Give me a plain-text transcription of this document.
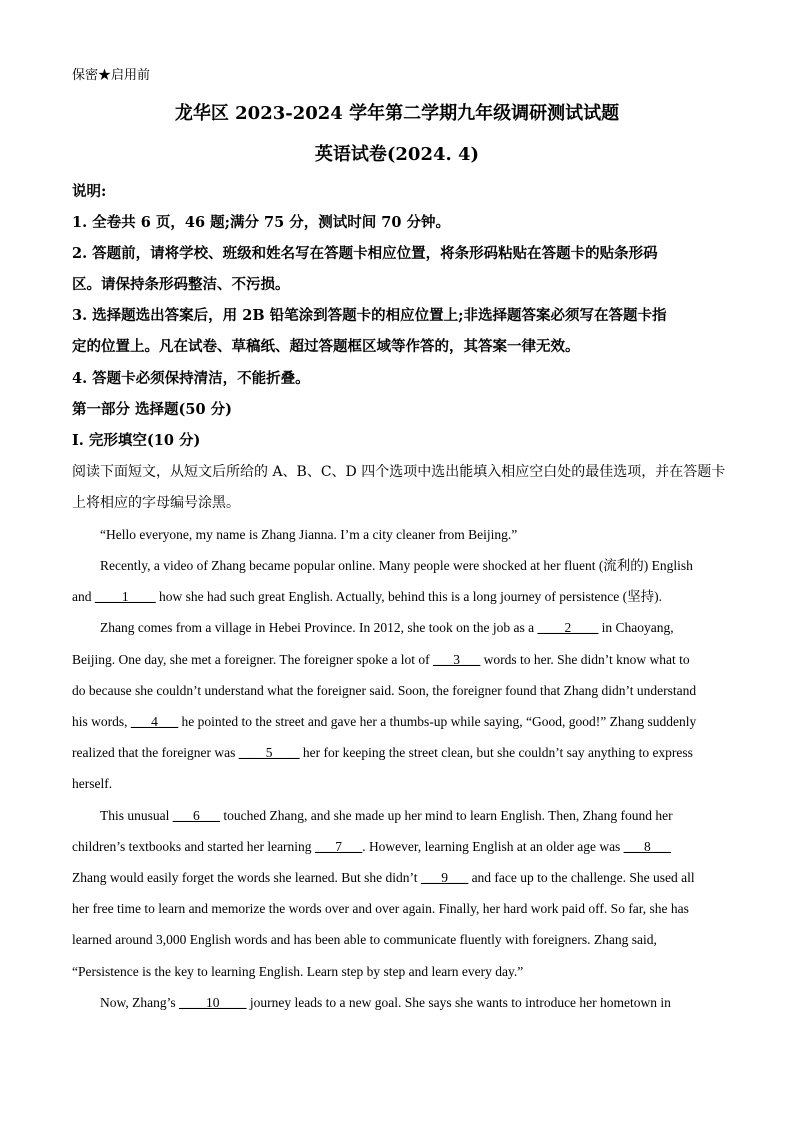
保密★启用前
龙华区 2023-2024 学年第二学期九年级调研测试试题
英语试卷(2024. 4)
说明:
1. 全卷共 6 页，46 题;满分 75 分，测试时间 70 分钟。
2. 答题前，请将学校、班级和姓名写在答题卡相应位置，将条形码粘贴在答题卡的贴条形码
区。请保持条形码整洁、不污损。
3. 选择题选出答案后，用 2B 铅笔涂到答题卡的相应位置上;非选择题答案必须写在答题卡指
定的位置上。凡在试卷、草稿纸、超过答题框区域等作答的，其答案一律无效。
4. 答题卡必须保持清洁，不能折叠。
第一部分 选择题(50 分)
I. 完形填空(10 分)
阅读下面短文，从短文后所给的 A、B、C、D 四个选项中选出能填入相应空白处的最佳选项，并在答题卡
上将相应的字母编号涂黑。
“Hello everyone, my name is Zhang Jianna. I’m a city cleaner from Beijing.”
Recently, a video of Zhang became popular online. Many people were shocked at her fluent (流利的) English
and ____1____ how she had such great English. Actually, behind this is a long journey of persistence (坚持).
Zhang comes from a village in Hebei Province. In 2012, she took on the job as a ____2____ in Chaoyang,
Beijing. One day, she met a foreigner. The foreigner spoke a lot of ___3___ words to her. She didn’t know what to
do because she couldn’t understand what the foreigner said. Soon, the foreigner found that Zhang didn’t understand
his words, ___4___ he pointed to the street and gave her a thumbs-up while saying, “Good, good!” Zhang suddenly
realized that the foreigner was ____5____ her for keeping the street clean, but she couldn’t say anything to express
herself.
This unusual ___6___ touched Zhang, and she made up her mind to learn English. Then, Zhang found her
children’s textbooks and started her learning ___7___. However, learning English at an older age was ___8___
Zhang would easily forget the words she learned. But she didn’t ___9___ and face up to the challenge. She used all
her free time to learn and memorize the words over and over again. Finally, her hard work paid off. So far, she has
learned around 3,000 English words and has been able to communicate fluently with foreigners. Zhang said,
“Persistence is the key to learning English. Learn step by step and learn every day.”
Now, Zhang’s ____10____ journey leads to a new goal. She says she wants to introduce her hometown in
